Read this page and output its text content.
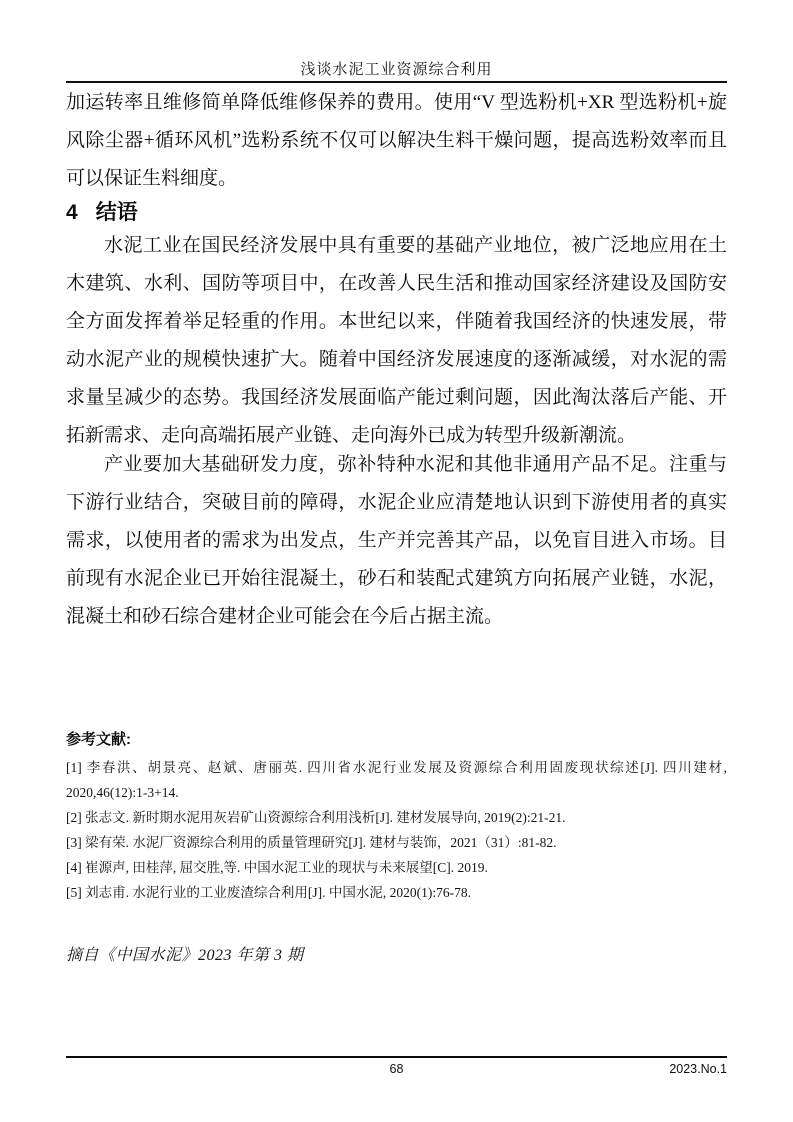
浅谈水泥工业资源综合利用
加运转率且维修简单降低维修保养的费用。使用“V 型选粉机+XR 型选粉机+旋风除尘器+循环风机”选粉系统不仅可以解决生料干燥问题，提高选粉效率而且可以保证生料细度。
4 结语
水泥工业在国民经济发展中具有重要的基础产业地位，被广泛地应用在土木建筑、水利、国防等项目中，在改善人民生活和推动国家经济建设及国防安全方面发挥着举足轻重的作用。本世纪以来，伴随着我国经济的快速发展，带动水泥产业的规模快速扩大。随着中国经济发展速度的逐渐减缓，对水泥的需求量呈减少的态势。我国经济发展面临产能过剩问题，因此淘汰落后产能、开拓新需求、走向高端拓展产业链、走向海外已成为转型升级新潮流。
产业要加大基础研发力度，弥补特种水泥和其他非通用产品不足。注重与下游行业结合，突破目前的障碍，水泥企业应清楚地认识到下游使用者的真实需求，以使用者的需求为出发点，生产并完善其产品，以免盲目进入市场。目前现有水泥企业已开始往混凝土，砂石和装配式建筑方向拓展产业链，水泥，混凝土和砂石综合建材企业可能会在今后占据主流。
参考文献:
[1] 李春洪、胡景亮、赵斌、唐丽英. 四川省水泥行业发展及资源综合利用固废现状综述[J]. 四川建材, 2020,46(12):1-3+14.
[2] 张志文. 新时期水泥用灰岩矿山资源综合利用浅析[J]. 建材发展导向, 2019(2):21-21.
[3] 梁有荣. 水泥厂资源综合利用的质量管理研究[J]. 建材与装饰，2021（31）:81-82.
[4] 崔源声, 田桂萍, 屈交胜,等. 中国水泥工业的现状与未来展望[C]. 2019.
[5] 刘志甫. 水泥行业的工业废渣综合利用[J]. 中国水泥, 2020(1):76-78.
摘自《中国水泥》2023 年第 3 期
68	2023.No.1
